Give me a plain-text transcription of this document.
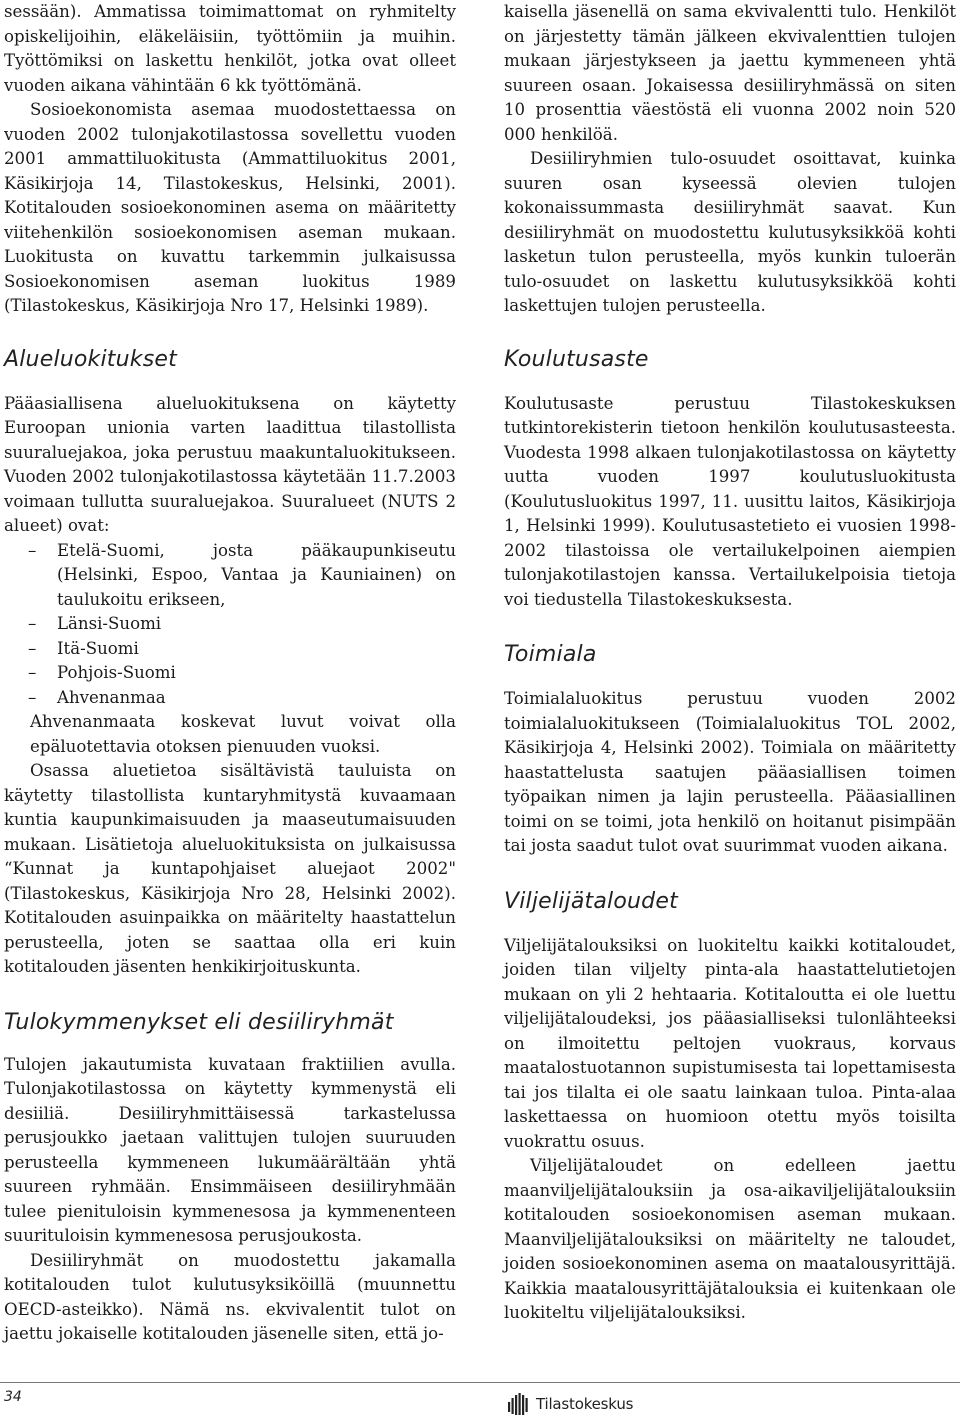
sessään). Ammatissa toimimattomat on ryhmitelty opiskelijoihin, eläkeläisiin, työttömiin ja muihin. Työttömiksi on laskettu henkilöt, jotka ovat olleet vuoden aikana vähintään 6 kk työttömänä.

Sosioekonomista asemaa muodostettaessa on vuoden 2002 tulonjakotilastossa sovellettu vuoden 2001 ammattiluokitusta (Ammattiluokitus 2001, Käsikirjoja 14, Tilastokeskus, Helsinki, 2001). Kotitalouden sosioekonominen asema on määritetty viitehenkilön sosioekonomisen aseman mukaan. Luokitusta on kuvattu tarkemmin julkaisussa Sosioekonomisen aseman luokitus 1989 (Tilastokeskus, Käsikirjoja Nro 17, Helsinki 1989).

Alueluokitukset

Pääasiallisena alueluokituksena on käytetty Euroopan unionia varten laadittua tilastollista suuraluejakoa, joka perustuu maakuntaluokitukseen. Vuoden 2002 tulonjakotilastossa käytetään 11.7.2003 voimaan tullutta suuraluejakoa. Suuralueet (NUTS 2 alueet) ovat:

– Etelä-Suomi, josta pääkaupunkiseutu (Helsinki, Espoo, Vantaa ja Kauniainen) on taulukoitu erikseen,
– Länsi-Suomi
– Itä-Suomi
– Pohjois-Suomi
– Ahvenanmaa

Ahvenanmaata koskevat luvut voivat olla epäluotettavia otoksen pienuuden vuoksi.

Osassa aluetietoa sisältävistä tauluista on käytetty tilastollista kuntaryhmitystä kuvaamaan kuntia kaupunkimaisuuden ja maaseutumaisuuden mukaan. Lisätietoja alueluokituksista on julkaisussa “Kunnat ja kuntapohjaiset aluejaot 2002" (Tilastokeskus, Käsikirjoja Nro 28, Helsinki 2002). Kotitalouden asuinpaikka on määritelty haastattelun perusteella, joten se saattaa olla eri kuin kotitalouden jäsenten henkikirjoituskunta.

Tulokymmenykset eli desiiliryhmät

Tulojen jakautumista kuvataan fraktiilien avulla. Tulonjakotilastossa on käytetty kymmenystä eli desiiliä. Desiiliryhmittäisessä tarkastelussa perusjoukko jaetaan valittujen tulojen suuruuden perusteella kymmeneen lukumäärältään yhtä suureen ryhmään. Ensimmäiseen desiiliryhmään tulee pienituloisin kymmenesosa ja kymmenenteen suurituloisin kymmenesosa perusjoukosta.

Desiiliryhmät on muodostettu jakamalla kotitalouden tulot kulutusyksiköillä (muunnettu OECD-asteikko). Nämä ns. ekvivalentit tulot on jaettu jokaiselle kotitalouden jäsenelle siten, että jo-

kaisella jäsenellä on sama ekvivalentti tulo. Henkilöt on järjestetty tämän jälkeen ekvivalenttien tulojen mukaan järjestykseen ja jaettu kymmeneen yhtä suureen osaan. Jokaisessa desiiliryhmässä on siten 10 prosenttia väestöstä eli vuonna 2002 noin 520 000 henkilöä.

Desiiliryhmien tulo-osuudet osoittavat, kuinka suuren osan kyseessä olevien tulojen kokonaissummasta desiiliryhmät saavat. Kun desiiliryhmät on muodostettu kulutusyksikköä kohti lasketun tulon perusteella, myös kunkin tuloerän tulo-osuudet on laskettu kulutusyksikköä kohti laskettujen tulojen perusteella.

Koulutusaste

Koulutusaste perustuu Tilastokeskuksen tutkintorekisterin tietoon henkilön koulutusasteesta. Vuodesta 1998 alkaen tulonjakotilastossa on käytetty uutta vuoden 1997 koulutusluokitusta (Koulutusluokitus 1997, 11. uusittu laitos, Käsikirjoja 1, Helsinki 1999). Koulutusastetieto ei vuosien 1998- 2002 tilastoissa ole vertailukelpoinen aiempien tulonjakotilastojen kanssa. Vertailukelpoisia tietoja voi tiedustella Tilastokeskuksesta.

Toimiala

Toimialaluokitus perustuu vuoden 2002 toimialaluokitukseen (Toimialaluokitus TOL 2002, Käsikirjoja 4, Helsinki 2002). Toimiala on määritetty haastattelusta saatujen pääasiallisen toimen työpaikan nimen ja lajin perusteella. Pääasiallinen toimi on se toimi, jota henkilö on hoitanut pisimpään tai josta saadut tulot ovat suurimmat vuoden aikana.

Viljelijätaloudet

Viljelijätalouksiksi on luokiteltu kaikki kotitaloudet, joiden tilan viljelty pinta-ala haastattelutietojen mukaan on yli 2 hehtaaria. Kotitaloutta ei ole luettu viljelijätaloudeksi, jos pääasialliseksi tulonlähteeksi on ilmoitettu peltojen vuokraus, korvaus maatalostuotannon supistumisesta tai lopettamisesta tai jos tilalta ei ole saatu lainkaan tuloa. Pinta-alaa laskettaessa on huomioon otettu myös toisilta vuokrattu osuus.

Viljelijätaloudet on edelleen jaettu maanviljelijätalouksiin ja osa-aikaviljelijätalouksiin kotitalouden sosioekonomisen aseman mukaan. Maanviljelijätalouksiksi on määritelty ne taloudet, joiden sosioekonominen asema on maatalousyrittäjä. Kaikkia maatalousyrittäjätalouksia ei kuitenkaan ole luokiteltu viljelijätalouksiksi.

34	Tilastokeskus
